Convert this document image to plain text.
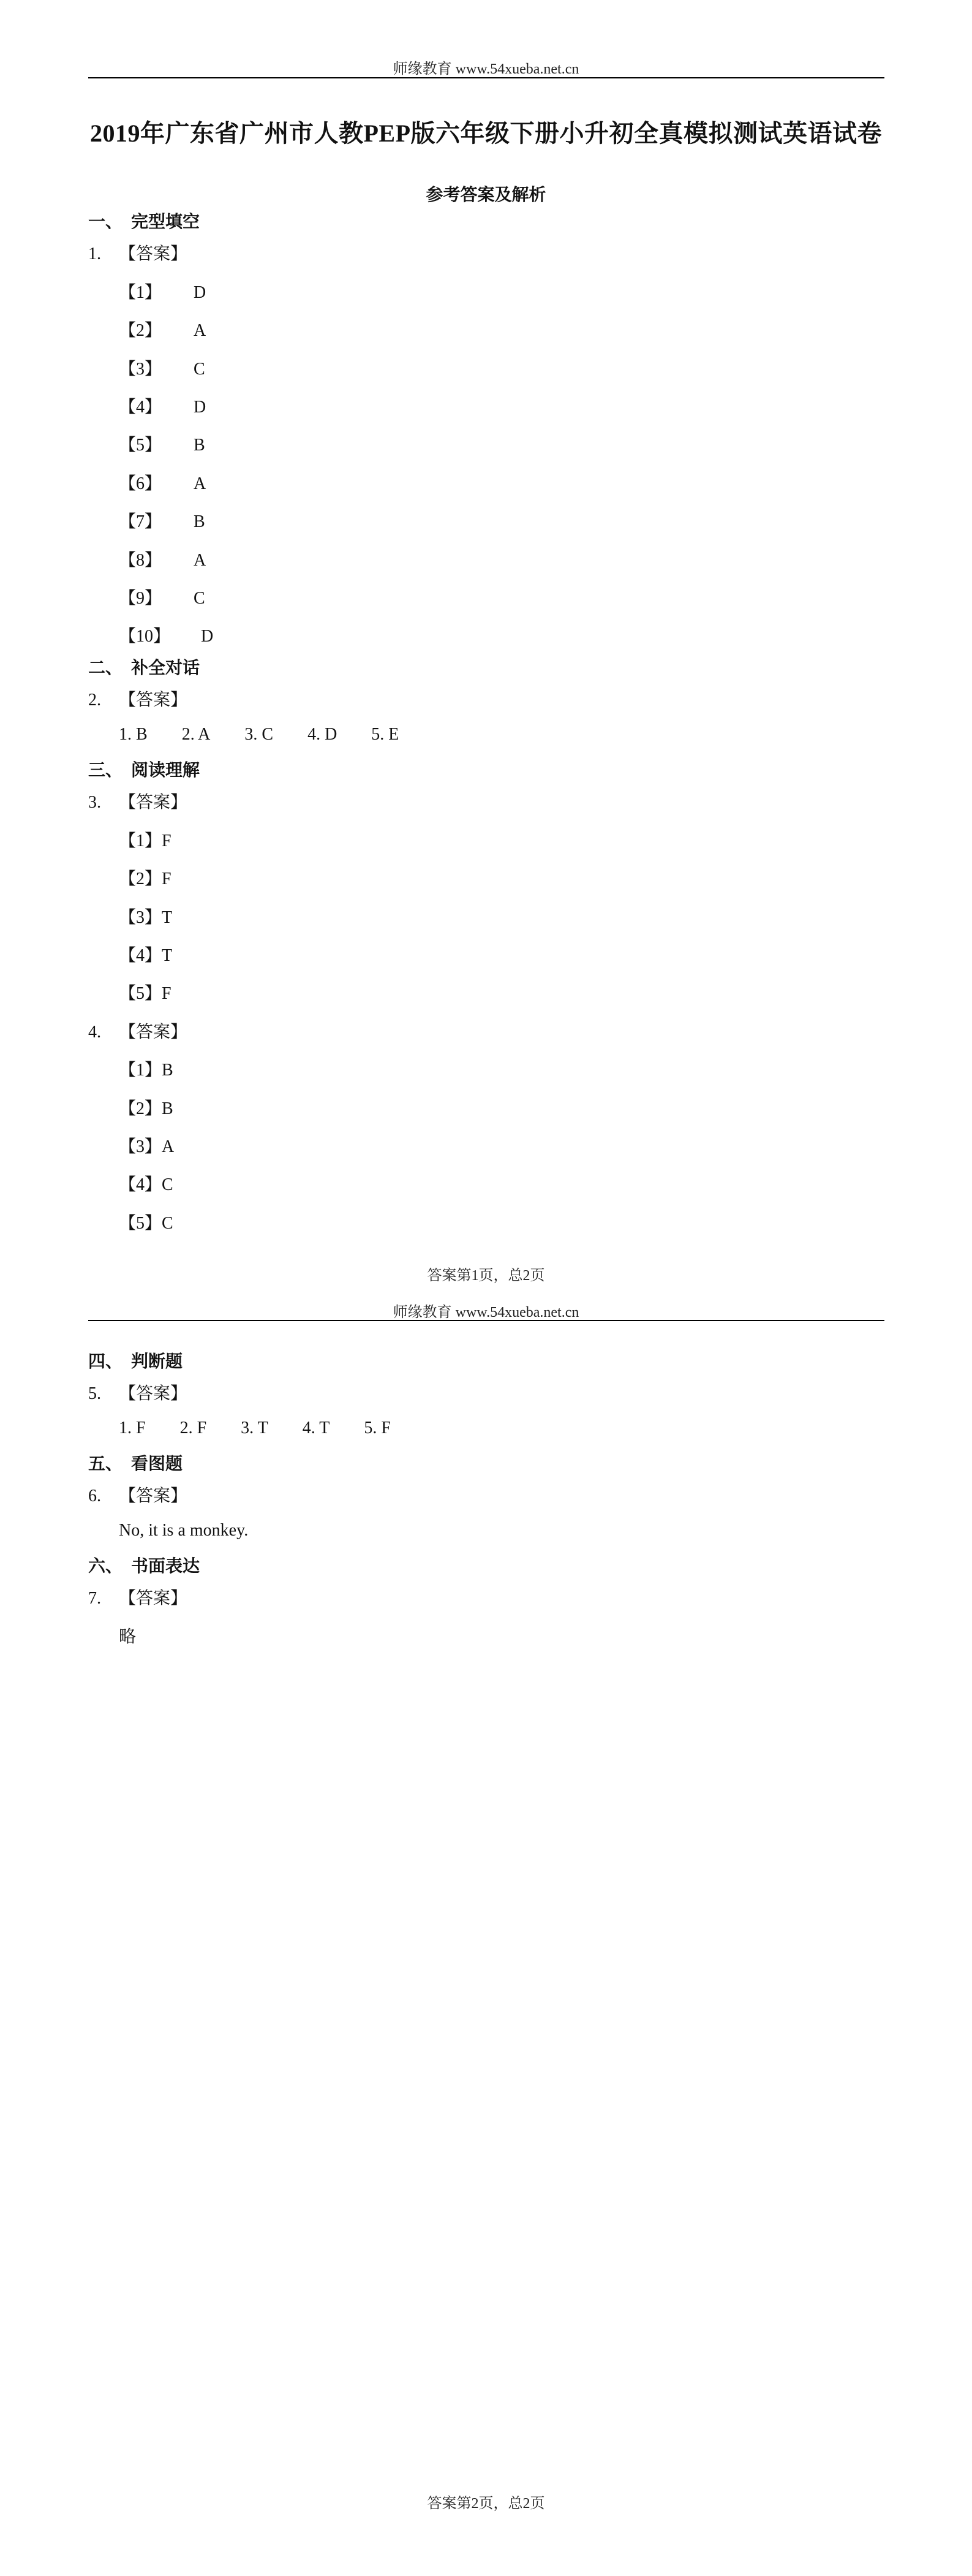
师缘教育 www.54xueba.net.cn
2019年广东省广州市人教PEP版六年级下册小升初全真模拟测试英语试卷
参考答案及解析
一、 完型填空
1. 【答案】
【1】 D
【2】 A
【3】 C
【4】 D
【5】 B
【6】 A
【7】 B
【8】 A
【9】 C
【10】 D
二、 补全对话
2. 【答案】
1. B 2. A 3. C 4. D 5. E
三、 阅读理解
3. 【答案】
【1】F
【2】F
【3】T
【4】T
【5】F
4. 【答案】
【1】B
【2】B
【3】A
【4】C
【5】C
答案第1页，总2页
师缘教育 www.54xueba.net.cn
四、 判断题
5. 【答案】
1. F 2. F 3. T 4. T 5. F
五、 看图题
6. 【答案】
No, it is a monkey.
六、 书面表达
7. 【答案】
略
答案第2页，总2页
